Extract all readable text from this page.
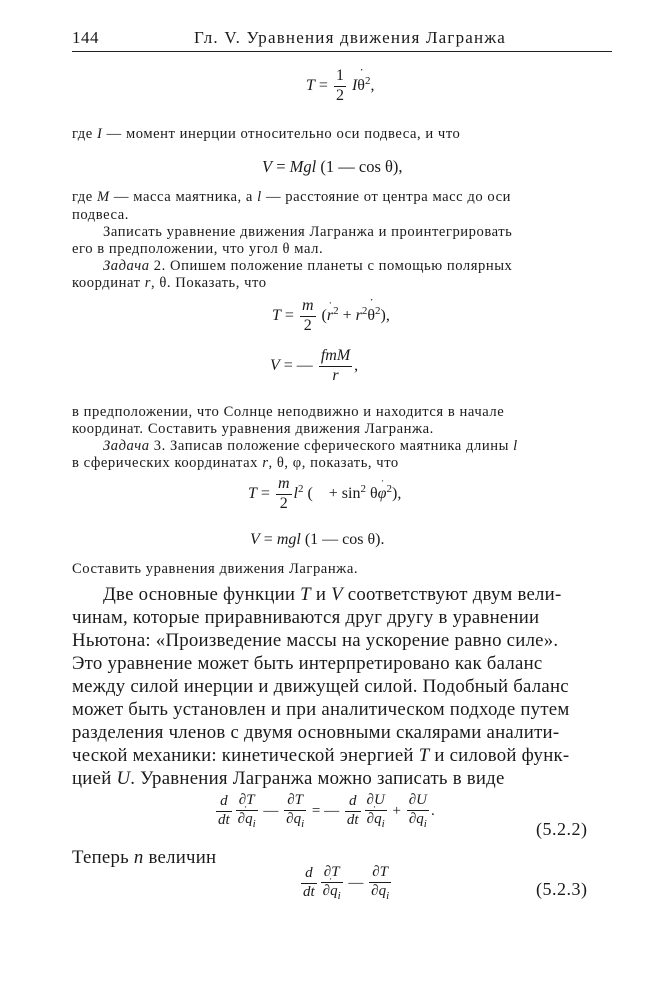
144	Гл. V. Уравнения движения Лагранжа
$T = \frac{1}{2}$ Iθ ˙$^2$,
где I — момент инерции относительно оси подвеса, и что
V = Mgl (1 — cos θ),
где M — масса маятника, а l — расстояние от центра масс до оси
подвеса.
Записать уравнение движения Лагранжа и проинтегрировать
его в предположении, что угол θ мал.
Задача 2. Опишем положение планеты с помощью полярных
координат r, θ. Показать, что
$T = \frac{m}{2} (r$ ˙$^2$ + $r^2\theta$ ˙$^2$),
V = — $\frac{\text{fmM}}{r}$ ,
в предположении, что Солнце неподвижно и находится в начале
координат. Составить уравнения движения Лагранжа.
Задача 3. Записав положение сферического маятника длины l
в сферических координатах r, θ, φ, показать, что
$T = \frac{m}{2} l^2$ ( + $\sin^2 \theta\varphi$ ˙$^2$),
V = mgl (1 — cos θ).
Составить уравнения движения Лагранжа.
Две основные функции T и V соответствуют двум вели-
чинам, которые приравниваются друг другу в уравнении
Ньютона: «Произведение массы на ускорение равно силе».
Это уравнение может быть интерпретировано как баланс
между силой инерции и движущей силой. Подобный баланс
может быть установлен и при аналитическом подходе путем
разделения членов с двумя основными скалярами аналити-
ческой механики: кинетической энергией T и силовой функ-
цией U. Уравнения Лагранжа можно записать в виде
$\frac{d}{dt} \frac{\partial T}{\partial q ˙_i}$ — $\frac{\partial T}{\partial q_i}$ = — $\frac{d}{dt} \frac{\partial U}{\partial q ˙_i} + \frac{\partial U}{\partial q_i}$ .
(5.2.2)
Теперь n величин
$\frac{d}{dt} \frac{\partial T}{\partial q ˙_i}$ — $\frac{\partial T}{\partial q_i}$	(5.2.3)
